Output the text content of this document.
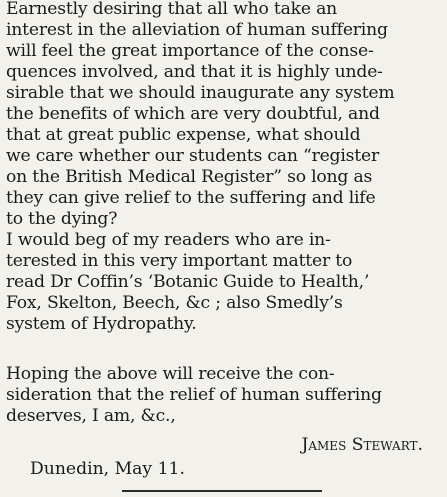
Earnestly desiring that all who take an
interest in the alleviation of human suffering
will feel the great importance of the conse-
quences involved, and that it is highly unde-
sirable that we should inaugurate any system
the benefits of which are very doubtful, and
that at great public expense, what should
we care whether our students can “register
on the British Medical Register” so long as
they can give relief to the suffering and life
to the dying?
I would beg of my readers who are in-
terested in this very important matter to
read Dr Coffin’s ‘Botanic Guide to Health,’
Fox, Skelton, Beech, &c ; also Smedly’s
system of Hydropathy.
Hoping the above will receive the con-
sideration that the relief of human suffering
deserves, I am, &c.,
James Stewart.
Dunedin, May 11.
